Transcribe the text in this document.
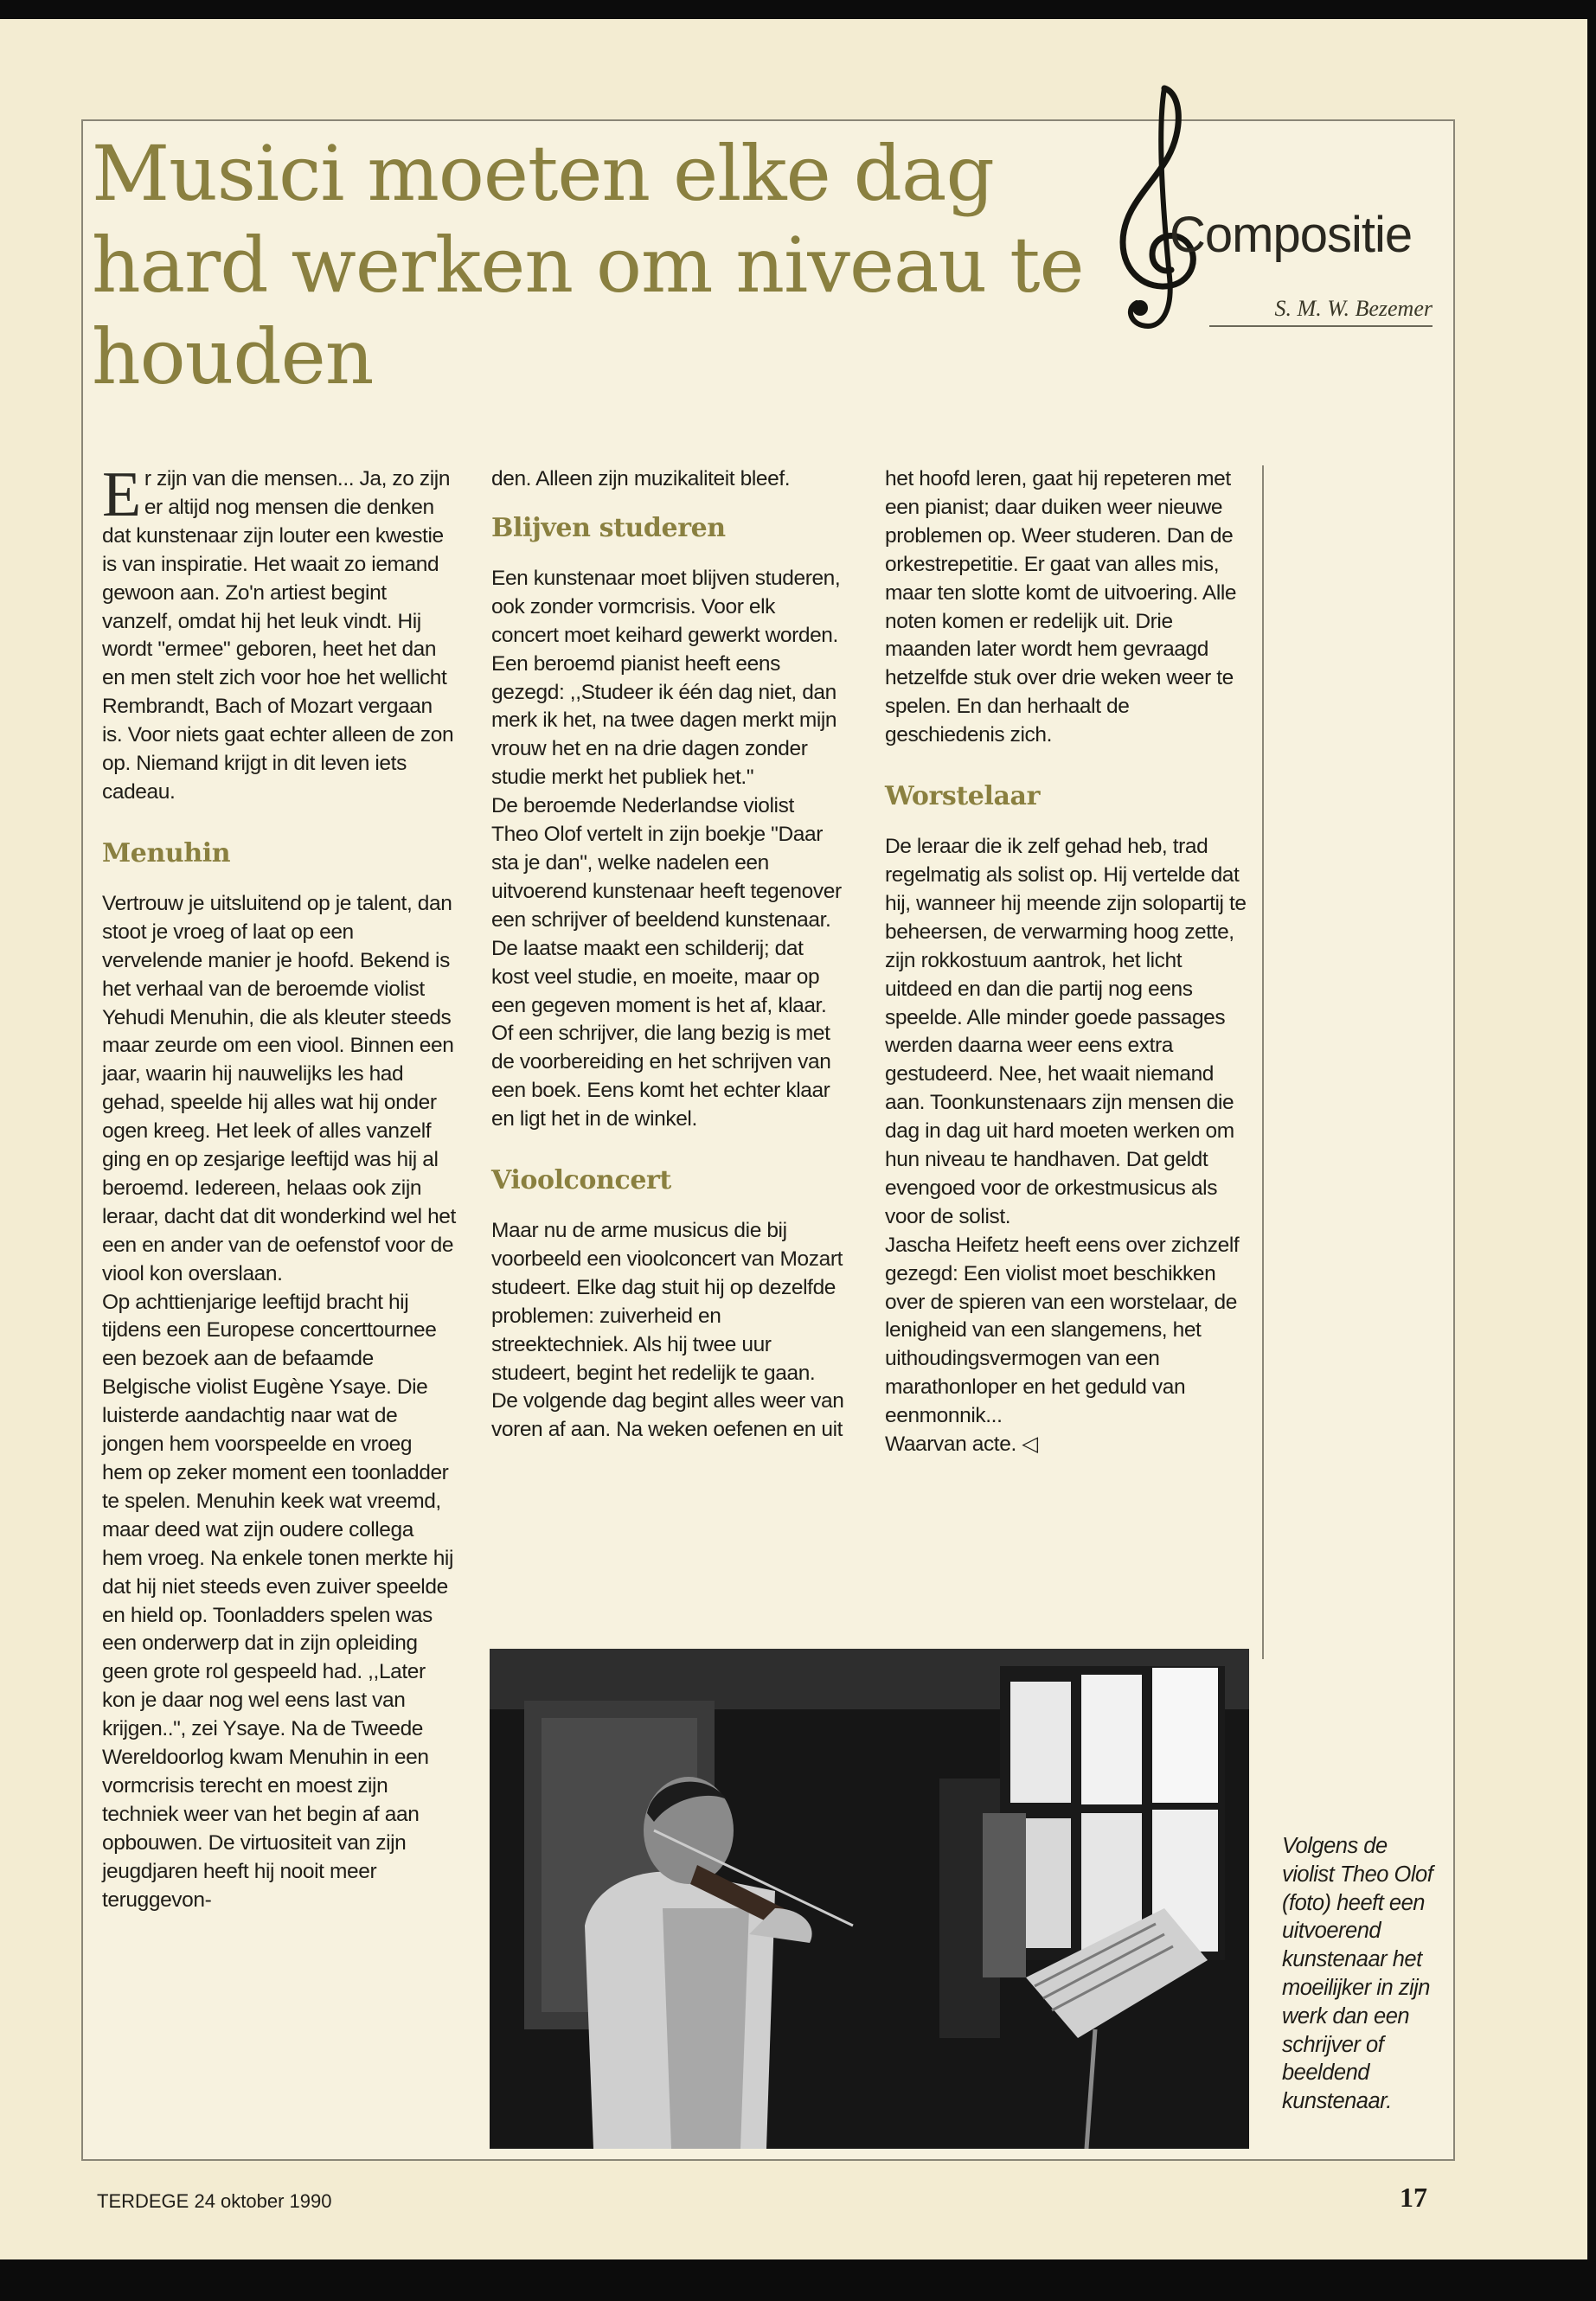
Musici moeten elke dag hard werken om niveau te houden
Compositie
S. M. W. Bezemer

Er zijn van die mensen... Ja, zo zijn er altijd nog mensen die denken dat kunstenaar zijn louter een kwestie is van inspiratie. Het waait zo iemand gewoon aan. Zo'n artiest begint vanzelf, omdat hij het leuk vindt. Hij wordt "ermee" geboren, heet het dan en men stelt zich voor hoe het wellicht Rembrandt, Bach of Mozart vergaan is. Voor niets gaat echter alleen de zon op. Niemand krijgt in dit leven iets cadeau.

Menuhin

Vertrouw je uitsluitend op je talent, dan stoot je vroeg of laat op een vervelende manier je hoofd. Bekend is het verhaal van de beroemde violist Yehudi Menuhin, die als kleuter steeds maar zeurde om een viool. Binnen een jaar, waarin hij nauwelijks les had gehad, speelde hij alles wat hij onder ogen kreeg. Het leek of alles vanzelf ging en op zesjarige leeftijd was hij al beroemd. Iedereen, helaas ook zijn leraar, dacht dat dit wonderkind wel het een en ander van de oefenstof voor de viool kon overslaan.

Op achttienjarige leeftijd bracht hij tijdens een Europese concerttournee een bezoek aan de befaamde Belgische violist Eugène Ysaye. Die luisterde aandachtig naar wat de jongen hem voorspeelde en vroeg hem op zeker moment een toonladder te spelen. Menuhin keek wat vreemd, maar deed wat zijn oudere collega hem vroeg. Na enkele tonen merkte hij dat hij niet steeds even zuiver speelde en hield op. Toonladders spelen was een onderwerp dat in zijn opleiding geen grote rol gespeeld had. ,,Later kon je daar nog wel eens last van krijgen..", zei Ysaye. Na de Tweede Wereldoorlog kwam Menuhin in een vormcrisis terecht en moest zijn techniek weer van het begin af aan opbouwen. De virtuositeit van zijn jeugdjaren heeft hij nooit meer teruggevon-

den. Alleen zijn muzikaliteit bleef.

Blijven studeren

Een kunstenaar moet blijven studeren, ook zonder vormcrisis. Voor elk concert moet keihard gewerkt worden. Een beroemd pianist heeft eens gezegd: ,,Studeer ik één dag niet, dan merk ik het, na twee dagen merkt mijn vrouw het en na drie dagen zonder studie merkt het publiek het."

De beroemde Nederlandse violist Theo Olof vertelt in zijn boekje "Daar sta je dan", welke nadelen een uitvoerend kunstenaar heeft tegenover een schrijver of beeldend kunstenaar. De laatse maakt een schilderij; dat kost veel studie, en moeite, maar op een gegeven moment is het af, klaar. Of een schrijver, die lang bezig is met de voorbereiding en het schrijven van een boek. Eens komt het echter klaar en ligt het in de winkel.

Vioolconcert

Maar nu de arme musicus die bij voorbeeld een vioolconcert van Mozart studeert. Elke dag stuit hij op dezelfde problemen: zuiverheid en streektechniek. Als hij twee uur studeert, begint het redelijk te gaan. De volgende dag begint alles weer van voren af aan. Na weken oefenen en uit

het hoofd leren, gaat hij repeteren met een pianist; daar duiken weer nieuwe problemen op. Weer studeren. Dan de orkestrepetitie. Er gaat van alles mis, maar ten slotte komt de uitvoering. Alle noten komen er redelijk uit. Drie maanden later wordt hem gevraagd hetzelfde stuk over drie weken weer te spelen. En dan herhaalt de geschiedenis zich.

Worstelaar

De leraar die ik zelf gehad heb, trad regelmatig als solist op. Hij vertelde dat hij, wanneer hij meende zijn solopartij te beheersen, de verwarming hoog zette, zijn rokkostuum aantrok, het licht uitdeed en dan die partij nog eens speelde. Alle minder goede passages werden daarna weer eens extra gestudeerd. Nee, het waait niemand aan. Toonkunstenaars zijn mensen die dag in dag uit hard moeten werken om hun niveau te handhaven. Dat geldt evengoed voor de orkestmusicus als voor de solist.

Jascha Heifetz heeft eens over zichzelf gezegd: Een violist moet beschikken over de spieren van een worstelaar, de lenigheid van een slangemens, het uithoudingsvermogen van een marathonloper en het geduld van eenmonnik...

Waarvan acte. ◁

Volgens de violist Theo Olof (foto) heeft een uitvoerend kunstenaar het moeilijker in zijn werk dan een schrijver of beeldend kunstenaar.
TERDEGE 24 oktober 1990	17
